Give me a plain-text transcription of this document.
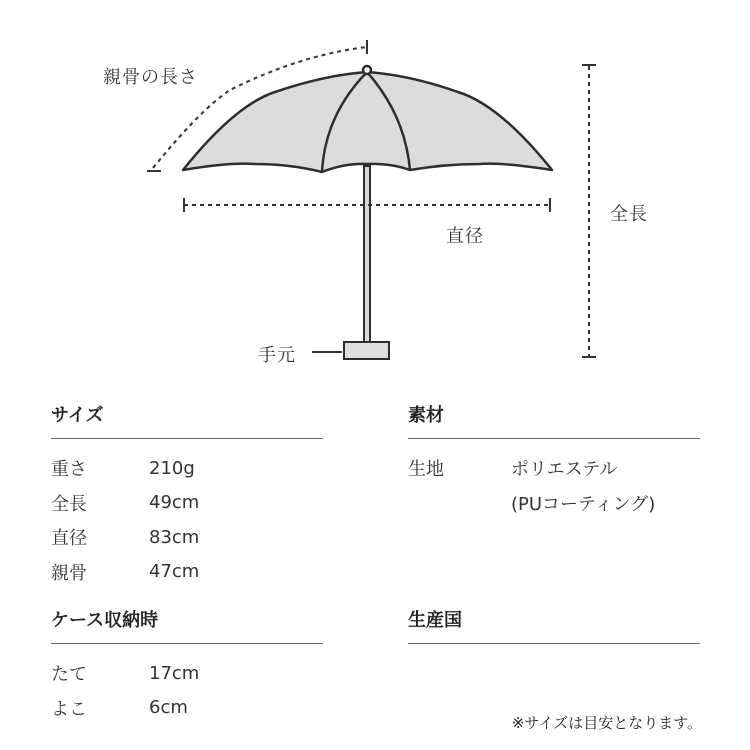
親骨の長さ
直径
全長
手元
サイズ
重さ	210g
全長	49cm
直径	83cm
親骨	47cm
素材
生地	ポリエステル
(PUコーティング)
ケース収納時
たて	17cm
よこ	6cm
生産国
※サイズは目安となります。
